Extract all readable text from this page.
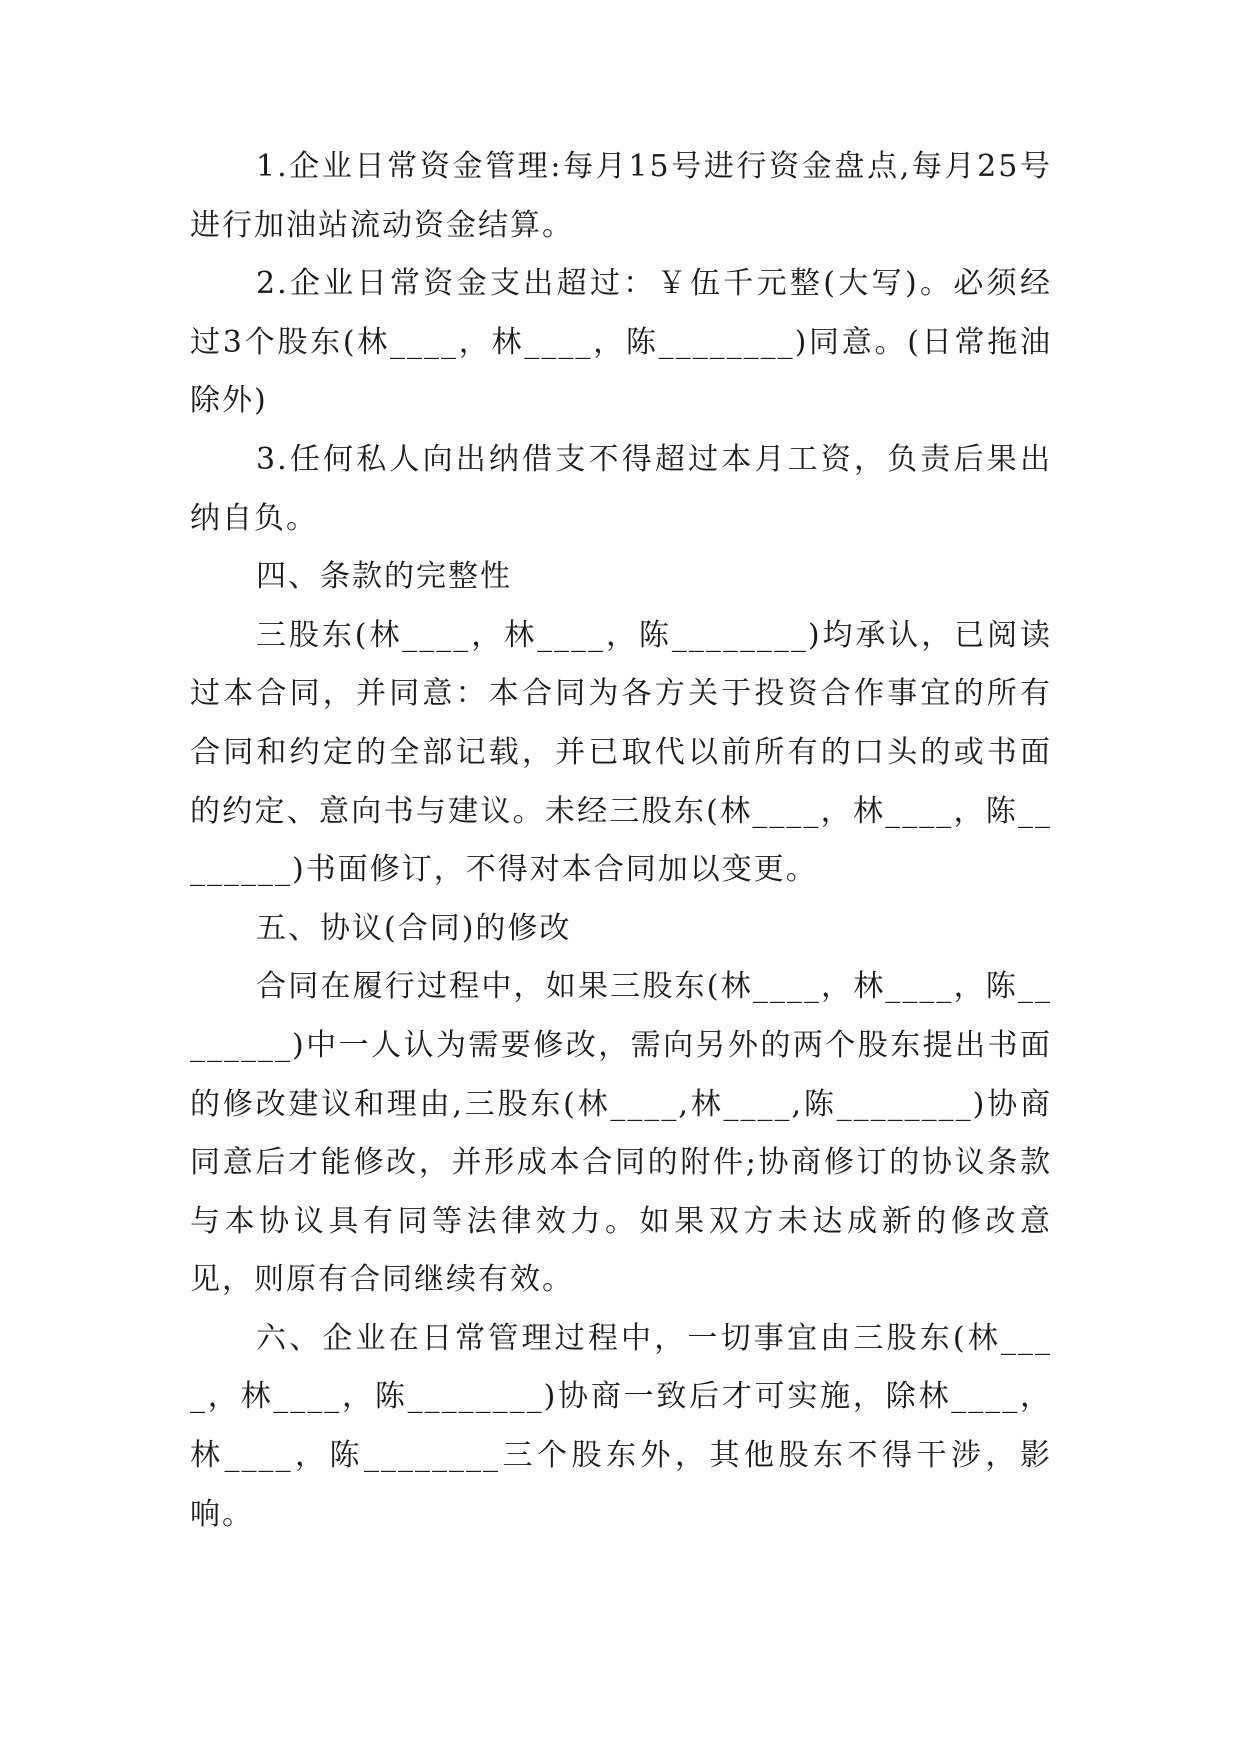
1.企业日常资金管理:每月15号进行资金盘点,每月25号进行加油站流动资金结算。

2.企业日常资金支出超过：￥伍千元整(大写)。必须经过3个股东(林____，林____，陈________)同意。(日常拖油除外)

3.任何私人向出纳借支不得超过本月工资，负责后果出纳自负。

四、条款的完整性

三股东(林____，林____，陈________)均承认，已阅读过本合同，并同意：本合同为各方关于投资合作事宜的所有合同和约定的全部记载，并已取代以前所有的口头的或书面的约定、意向书与建议。未经三股东(林____，林____，陈________)书面修订，不得对本合同加以变更。

五、协议(合同)的修改

合同在履行过程中，如果三股东(林____，林____，陈________)中一人认为需要修改，需向另外的两个股东提出书面的修改建议和理由,三股东(林____,林____,陈________)协商同意后才能修改，并形成本合同的附件;协商修订的协议条款与本协议具有同等法律效力。如果双方未达成新的修改意见，则原有合同继续有效。

六、企业在日常管理过程中，一切事宜由三股东(林____，林____，陈________)协商一致后才可实施，除林____，林____，陈________三个股东外，其他股东不得干涉，影响。
